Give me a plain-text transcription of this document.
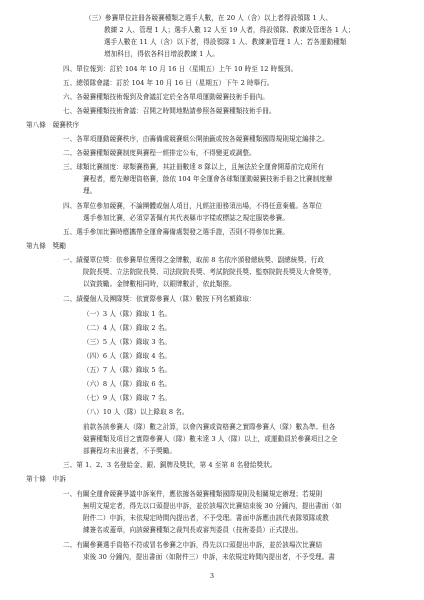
（三）參賽單位註冊各競賽種類之選手人數，在 20 人（含）以上者得設領隊 1 人、
教練 2 人、管理 1 人；選手人數 12 人至 19 人者，得設領隊、教練及管理各 1 人；
選手人數在 11 人（含）以下者，得設領隊 1 人、教練兼管理 1 人；若各運動種類
增加科目，得依各科目增設教練 1 人。
四、單位報到：訂於 104 年 10 月 16 日（星期五）上午 10 時至 12 時報到。
五、總領隊會議：訂於 104 年 10 月 16 日（星期五）下午 2 時舉行。
六、各競賽種類技術報到及會議訂定於全各單項運動競賽技術手冊內。
七、各競賽種類技術會議：召開之時間地點請參照各競賽種類技術手冊。
第八條　競賽秩序
一、各單項運動競賽秩序，由籌備處競賽組公開抽籤或按各競賽種類國際規則規定編排之。
二、各競賽種類競賽制度與賽程一經排定公布，不得變更或調整。
三、球類比賽制度：球類賽務賽，其註冊數達 8 隊以上，且無法於全運會開幕前完成所有
賽程者，應先辦理資格賽，餘依 104 年全運會各球類運動競賽技術手冊之比賽制度辦
理。
四、各單位參加競賽，不論團體或個人項目，凡經註冊務須出場，不得任意棄權。各單位
選手參加比賽，必須穿著佩有其代表縣市字樣或標誌之規定服裝參賽。
五、選手參加比賽時應攜帶全運會籌備處製發之選手證，否則不得參加比賽。
第九條　獎勵
一、績優單位獎：依參賽單位獲得之金牌數，取前 8 名依序頒發總統獎、副總統獎、行政
院院長獎、立法院院長獎、司法院院長獎、考試院院長獎、監察院院長獎及大會獎等，
以資鼓勵。金牌數相同時，以銀牌數計，依此類推。
二、績優個人及團隊獎：依實際參賽人（隊）數按下列名額錄取：
（一）3 人（隊）錄取 1 名。
（二）4 人（隊）錄取 2 名。
（三）5 人（隊）錄取 3 名。
（四）6 人（隊）錄取 4 名。
（五）7 人（隊）錄取 5 名。
（六）8 人（隊）錄取 6 名。
（七）9 人（隊）錄取 7 名。
（八）10 人（隊）以上錄取 8 名。
前款各該參賽人（隊）數之計算，以會內賽或資格賽之實際參賽人（隊）數為準。但各
競賽種類及項目之實際參賽人（隊）數未達 3 人（隊）以上，或運動員於參賽項目之全
部賽程均未出賽者，不予獎勵。
三、第 1、2、3 名發給金、銀、銅牌及獎狀，第 4 至第 8 名發給獎狀。
第十條　申訴
一、有關全運會競賽爭議申訴案件，應依據各競賽種類國際規則及相關規定辦理；若規則
無明文規定者，得先以口頭提出申訴，並於該場次比賽結束後 30 分鐘內，提出書面（如
附件二）申訴，未依規定時間內提出者，不予受理。書面申訴應由該代表隊領隊或教
練簽名或蓋章，向該競賽種類之裁判長或審判委員（技術委員）正式提出。
二、有關參賽選手資格不符或冒名參賽之申訴，得先以口頭提出申訴，並於該場次比賽結
束後 30 分鐘內，提出書面（如附件三）申訴，未依規定時間內提出者，不予受理。書
3
